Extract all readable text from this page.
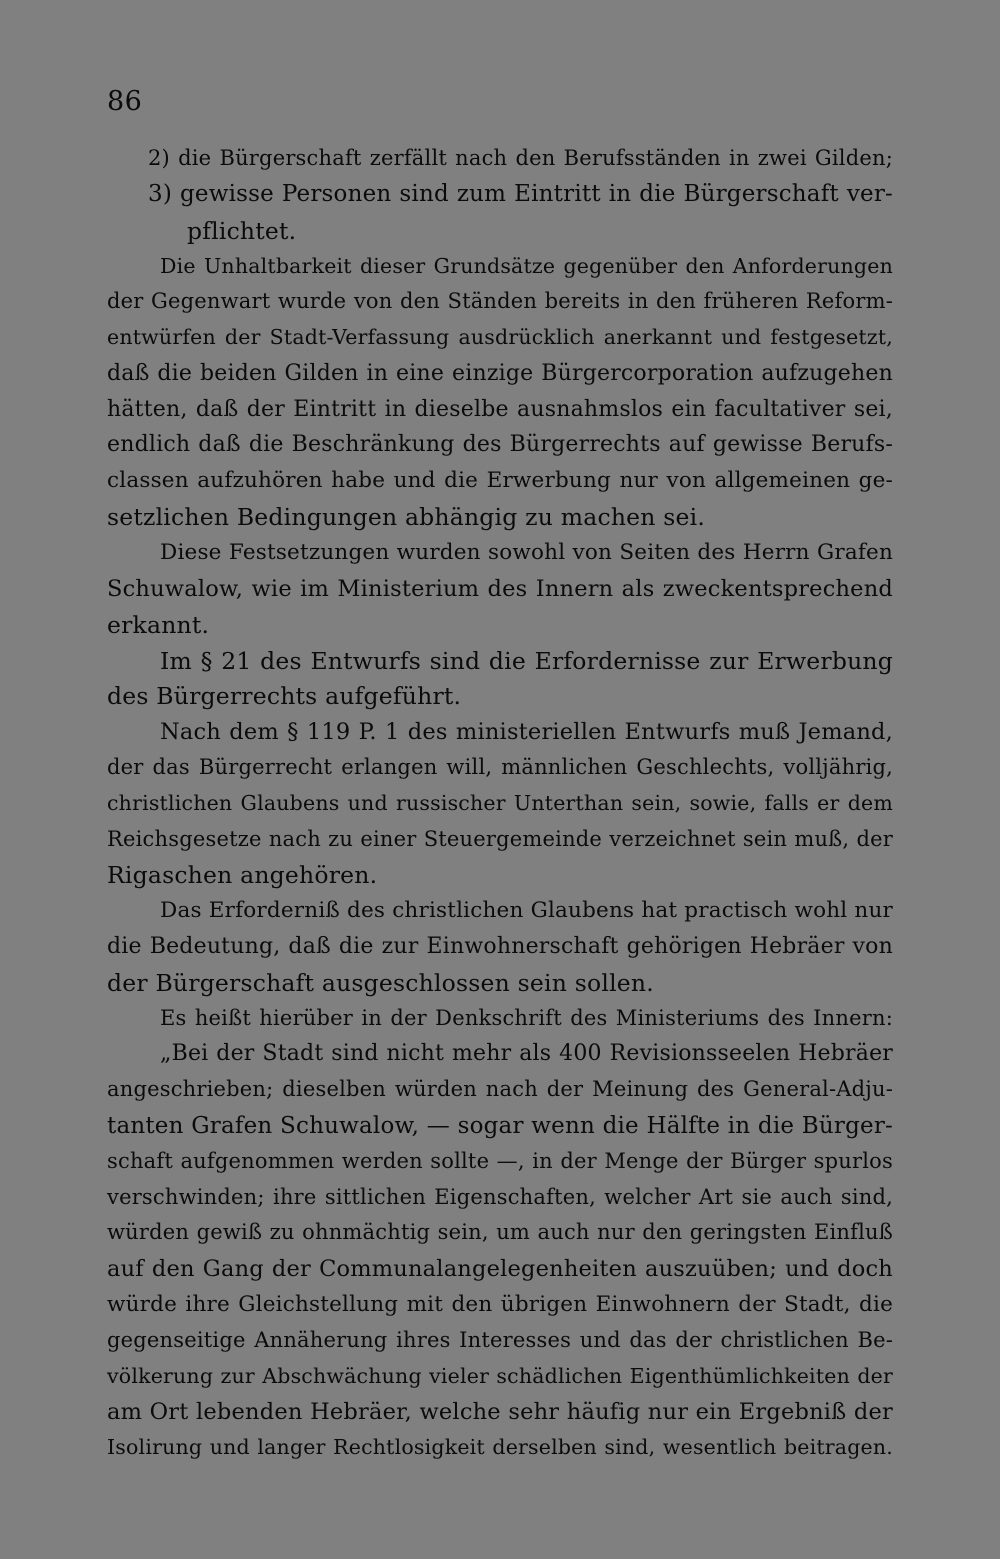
86
2) die Bürgerschaft zerfällt nach den Berufsständen in zwei Gilden;
3) gewisse Personen sind zum Eintritt in die Bürgerschaft ver-
pflichtet.
Die Unhaltbarkeit dieser Grundsätze gegenüber den Anforderungen
der Gegenwart wurde von den Ständen bereits in den früheren Reform-
entwürfen der Stadt-Verfassung ausdrücklich anerkannt und festgesetzt,
daß die beiden Gilden in eine einzige Bürgercorporation aufzugehen
hätten, daß der Eintritt in dieselbe ausnahmslos ein facultativer sei,
endlich daß die Beschränkung des Bürgerrechts auf gewisse Berufs-
classen aufzuhören habe und die Erwerbung nur von allgemeinen ge-
setzlichen Bedingungen abhängig zu machen sei.
Diese Festsetzungen wurden sowohl von Seiten des Herrn Grafen
Schuwalow, wie im Ministerium des Innern als zweckentsprechend
erkannt.
Im § 21 des Entwurfs sind die Erfordernisse zur Erwerbung
des Bürgerrechts aufgeführt.
Nach dem § 119 P. 1 des ministeriellen Entwurfs muß Jemand,
der das Bürgerrecht erlangen will, männlichen Geschlechts, volljährig,
christlichen Glaubens und russischer Unterthan sein, sowie, falls er dem
Reichsgesetze nach zu einer Steuergemeinde verzeichnet sein muß, der
Rigaschen angehören.
Das Erforderniß des christlichen Glaubens hat practisch wohl nur
die Bedeutung, daß die zur Einwohnerschaft gehörigen Hebräer von
der Bürgerschaft ausgeschlossen sein sollen.
Es heißt hierüber in der Denkschrift des Ministeriums des Innern:
„Bei der Stadt sind nicht mehr als 400 Revisionsseelen Hebräer
angeschrieben; dieselben würden nach der Meinung des General-Adju-
tanten Grafen Schuwalow, — sogar wenn die Hälfte in die Bürger-
schaft aufgenommen werden sollte —, in der Menge der Bürger spurlos
verschwinden; ihre sittlichen Eigenschaften, welcher Art sie auch sind,
würden gewiß zu ohnmächtig sein, um auch nur den geringsten Einfluß
auf den Gang der Communalangelegenheiten auszuüben; und doch
würde ihre Gleichstellung mit den übrigen Einwohnern der Stadt, die
gegenseitige Annäherung ihres Interesses und das der christlichen Be-
völkerung zur Abschwächung vieler schädlichen Eigenthümlichkeiten der
am Ort lebenden Hebräer, welche sehr häufig nur ein Ergebniß der
Isolirung und langer Rechtlosigkeit derselben sind, wesentlich beitragen.
